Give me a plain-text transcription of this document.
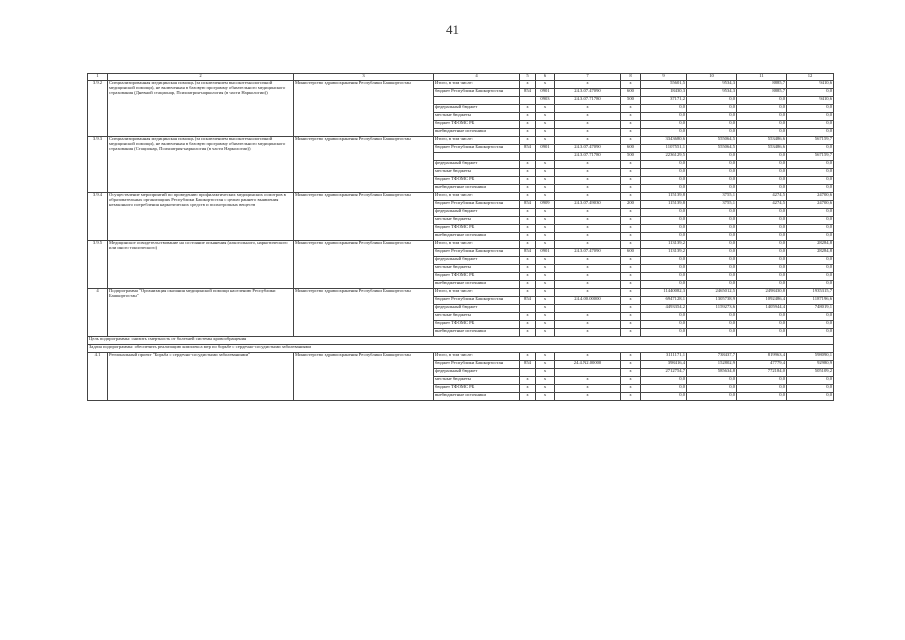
41
1	2	3	4	5	6	7	8	9	10	11	12
3.9.2	Специализированная медицинская помощь (за исключением высокотехнологичной медицинской помощи), не включенная в базовую программу обязательного медицинского страхования (Дневной стационар, Психиатрия-наркология (в части Наркологии))	Министерство здравоохранения Республики Башкортостан	Итого, в том числе:	х	х	х	х	55601,5	9534,3	8885,7	9410,6
			бюджет Республики Башкортостан	854	0901	24.3.07.47090	600	18430,3	9534,3	8885,7	0,0
					0903	24.3.07.71780	500	37171,2	0,0	0,0	9410,6
			федеральный бюджет	х	х	х	х	0,0	0,0	0,0	0,0
			местные бюджеты	х	х	х	х	0,0	0,0	0,0	0,0
			бюджет ТФОМС РБ	х	х	х	х	0,0	0,0	0,0	0,0
			внебюджетные источники	х	х	х	х	0,0	0,0	0,0	0,0
3.9.3	Специализированная медицинская помощь (за исключением высокотехнологичной медицинской помощи), не включенная в базовую программу обязательного медицинского страхования (Стационар, Психиатрия-наркология (в части Наркологии))	Министерство здравоохранения Республики Башкортостан	Итого, в том числе:	х	х	х	х	3343680,6	555064,5	553486,6	567159,7
			бюджет Республики Башкортостан	854	0901	24.3.07.47090	600	1107551,1	555064,5	553486,6	0,0
						24.3.07.71780	500	2236129,5	0,0	0,0	567159,7
			федеральный бюджет	х	х	х	х	0,0	0,0	0,0	0,0
			местные бюджеты	х	х	х	х	0,0	0,0	0,0	0,0
			бюджет ТФОМС РБ	х	х	х	х	0,0	0,0	0,0	0,0
			внебюджетные источники	х	х	х	х	0,0	0,0	0,0	0,0
3.9.4	Осуществление мероприятий по проведению профилактических медицинских осмотров в образовательных организациях Республики Башкортостан с целью раннего выявления незаконного потребления наркотических средств и психотропных веществ	Министерство здравоохранения Республики Башкортостан	Итого, в том числе:	х	х	х	х	115139,8	3755,1	4274,5	24700,6
			бюджет Республики Башкортостан	854	0909	24.3.07.49030	200	115139,8	3755,1	4274,5	24700,6
			федеральный бюджет	х	х	х	х	0,0	0,0	0,0	0,0
			местные бюджеты	х	х	х	х	0,0	0,0	0,0	0,0
			бюджет ТФОМС РБ	х	х	х	х	0,0	0,0	0,0	0,0
			внебюджетные источники	х	х	х	х	0,0	0,0	0,0	0,0
3.9.5	Медицинское освидетельствование на состояние опьянения (алкогольного, наркотического или иного токсического)	Министерство здравоохранения Республики Башкортостан	Итого, в том числе:	х	х	х	х	113139,2	0,0	0,0	28284,8
			бюджет Республики Башкортостан	854	0901	24.3.07.47090	600	113139,2	0,0	0,0	28284,8
			федеральный бюджет	х	х	х	х	0,0	0,0	0,0	0,0
			местные бюджеты	х	х	х	х	0,0	0,0	0,0	0,0
			бюджет ТФОМС РБ	х	х	х	х	0,0	0,0	0,0	0,0
			внебюджетные источники	х	х	х	х	0,0	0,0	0,0	0,0
4	Подпрограмма "Организация оказания медицинской помощи населению Республики Башкортостан"	Министерство здравоохранения Республики Башкортостан	Итого, в том числе:	х	х	х	х	11440082,3	2465012,5	2498430,8	1935315,7
			бюджет Республики Башкортостан	854	х	24.4.00.00000	х	6947128,1	1305738,9	1092486,4	1187196,6
			федеральный бюджет		х		х	4493354,2	1159273,6	1405944,4	748019,1
			местные бюджеты	х	х	х	х	0,0	0,0	0,0	0,0
			бюджет ТФОМС РБ	х	х	х	х	0,0	0,0	0,0	0,0
			внебюджетные источники	х	х	х	х	0,0	0,0	0,0	0,0
Цель подпрограммы: снизить смертность от болезней системы кровообращения											
Задача подпрограммы: обеспечить реализацию комплекса мер по борьбе с сердечно-сосудистыми заболеваниями											
4.1	Региональный проект "Борьба с сердечно-сосудистыми заболеваниями"	Министерство здравоохранения Республики Башкортостан	Итого, в том числе:	х	х	х	х	3111171,1	738437,7	819963,4	598090,1
			бюджет Республики Башкортостан	854	х	24.4.N2.00000	х	398416,4	152802,9	47779,4	92980,9
			федеральный бюджет		х		х	2712754,7	585634,8	772184,0	505109,2
			местные бюджеты	х	х	х	х	0,0	0,0	0,0	0,0
			бюджет ТФОМС РБ	х	х	х	х	0,0	0,0	0,0	0,0
			внебюджетные источники	х	х	х	х	0,0	0,0	0,0	0,0
